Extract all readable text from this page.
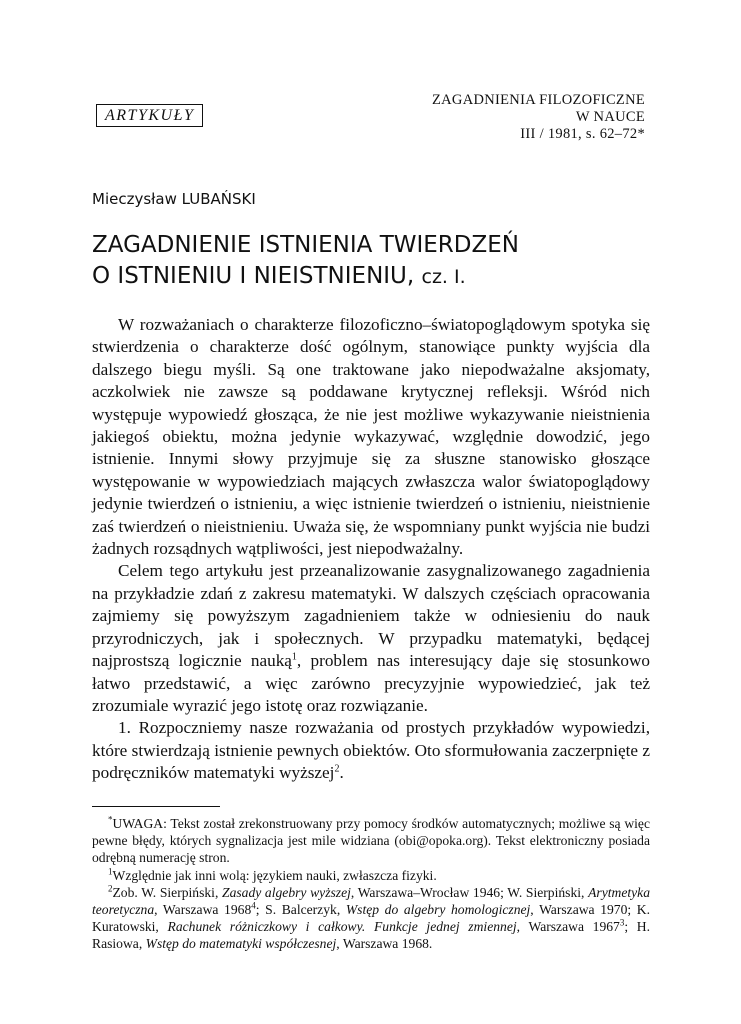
ARTYKUŁY
ZAGADNIENIA FILOZOFICZNE
W NAUCE
III / 1981, s. 62–72*
Mieczysław LUBAŃSKI
ZAGADNIENIE ISTNIENIA TWIERDZEŃ
O ISTNIENIU I NIEISTNIENIU, cz. I.

W rozważaniach o charakterze filozoficzno–światopoglądowym spotyka się stwierdzenia o charakterze dość ogólnym, stanowiące punkty wyjścia dla dalszego biegu myśli. Są one traktowane jako niepodważalne aksjomaty, aczkolwiek nie zawsze są poddawane krytycznej refleksji. Wśród nich występuje wypowiedź głosząca, że nie jest możliwe wykazywanie nieistnienia jakiegoś obiektu, można jedynie wykazywać, względnie dowodzić, jego istnienie. Innymi słowy przyjmuje się za słuszne stanowisko głoszące występowanie w wypowiedziach mających zwłaszcza walor światopoglądowy jedynie twierdzeń o istnieniu, a więc istnienie twierdzeń o istnieniu, nieistnienie zaś twierdzeń o nieistnieniu. Uważa się, że wspomniany punkt wyjścia nie budzi żadnych rozsądnych wątpliwości, jest niepodważalny.

Celem tego artykułu jest przeanalizowanie zasygnalizowanego zagadnienia na przykładzie zdań z zakresu matematyki. W dalszych częściach opracowania zajmiemy się powyższym zagadnieniem także w odniesieniu do nauk przyrodniczych, jak i społecznych. W przypadku matematyki, będącej najprostszą logicznie nauką$^1$, problem nas interesujący daje się stosunkowo łatwo przedstawić, a więc zarówno precyzyjnie wypowiedzieć, jak też zrozumiale wyrazić jego istotę oraz rozwiązanie.

1. Rozpoczniemy nasze rozważania od prostych przykładów wypowiedzi, które stwierdzają istnienie pewnych obiektów. Oto sformułowania zaczerpnięte z podręczników matematyki wyższej$^2$.

*UWAGA: Tekst został zrekonstruowany przy pomocy środków automatycznych; możliwe są więc pewne błędy, których sygnalizacja jest mile widziana (obi@opoka.org). Tekst elektroniczny posiada odrębną numerację stron.

$^1$Względnie jak inni wolą: językiem nauki, zwłaszcza fizyki.

$^2$Zob. W. Sierpiński, Zasady algebry wyższej, Warszawa–Wrocław 1946; W. Sierpiński, Arytmetyka teoretyczna, Warszawa 1968$^4$; S. Balcerzyk, Wstęp do algebry homologicznej, Warszawa 1970; K. Kuratowski, Rachunek różniczkowy i całkowy. Funkcje jednej zmiennej, Warszawa 1967$^3$; H. Rasiowa, Wstęp do matematyki współczesnej, Warszawa 1968.
